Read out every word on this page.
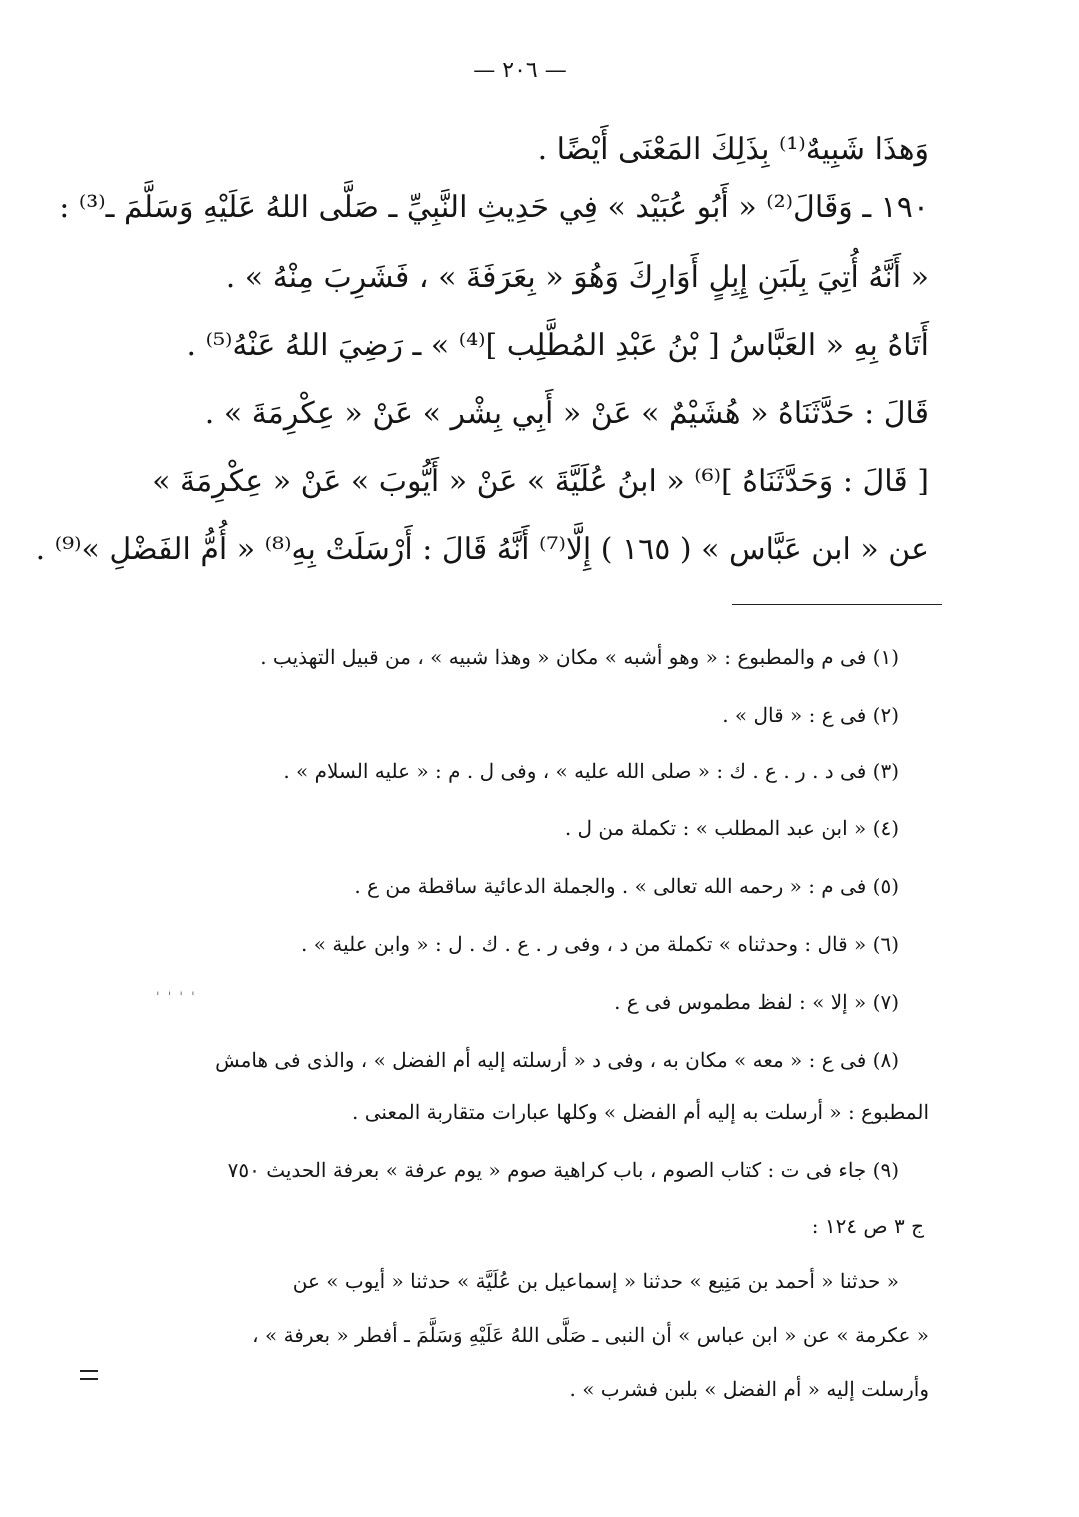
— ٢٠٦ —
وَهذَا شَبِيهٌ⁽¹⁾ بِذَلِكَ المَعْنَى أَيْضًا .
١٩٠ ـ وَقَالَ⁽²⁾ « أَبُو عُبَيْد » فِي حَدِيثِ النَّبِيِّ ـ صَلَّى اللهُ عَلَيْهِ وَسَلَّمَ ـ⁽³⁾ :
« أَنَّهُ أُتِيَ بِلَبَنِ إِبِلٍ أَوَارِكَ وَهُوَ « بِعَرَفَةَ » ، فَشَرِبَ مِنْهُ » .
أَتَاهُ بِهِ « العَبَّاسُ [ بْنُ عَبْدِ المُطَّلِب ]⁽⁴⁾ » ـ رَضِيَ اللهُ عَنْهُ⁽⁵⁾ .
قَالَ : حَدَّثَنَاهُ « هُشَيْمٌ » عَنْ « أَبِي بِشْر » عَنْ « عِكْرِمَةَ » .
[ قَالَ : وَحَدَّثَنَاهُ ]⁽⁶⁾ « ابنُ عُلَيَّةَ » عَنْ « أَيُّوبَ » عَنْ « عِكْرِمَةَ »
عن « ابن عَبَّاس » ( ١٦٥ ) إِلَّا⁽⁷⁾ أَنَّهُ قَالَ : أَرْسَلَتْ بِهِ⁽⁸⁾ « أُمُّ الفَضْلِ »⁽⁹⁾ .
(١) فى م والمطبوع : « وهو أشبه » مكان « وهذا شبيه » ، من قبيل التهذيب .
(٢) فى ع : « قال » .
(٣) فى د . ر . ع . ك : « صلى الله عليه » ، وفى ل . م : « عليه السلام » .
(٤) « ابن عبد المطلب » : تكملة من ل .
(٥) فى م : « رحمه الله تعالى » . والجملة الدعائية ساقطة من ع .
(٦) « قال : وحدثناه » تكملة من د ، وفى ر . ع . ك . ل : « وابن علية » .
(٧) « إلا » : لفظ مطموس فى ع .
(٨) فى ع : « معه » مكان به ، وفى د « أرسلته إليه أم الفضل » ، والذى فى هامش
المطبوع : « أرسلت به إليه أم الفضل » وكلها عبارات متقاربة المعنى .
(٩) جاء فى ت : كتاب الصوم ، باب كراهية صوم « يوم عرفة » بعرفة الحديث ٧٥٠
ج ٣ ص ١٢٤ :
« حدثنا « أحمد بن مَنِيع » حدثنا « إسماعيل بن عُلَيَّة » حدثنا « أيوب » عن
« عكرمة » عن « ابن عباس » أن النبى ـ صَلَّى اللهُ عَلَيْهِ وَسَلَّمَ ـ أفطر « بعرفة » ،
وأرسلت إليه « أم الفضل » بلبن فشرب » .
' ' ' '
